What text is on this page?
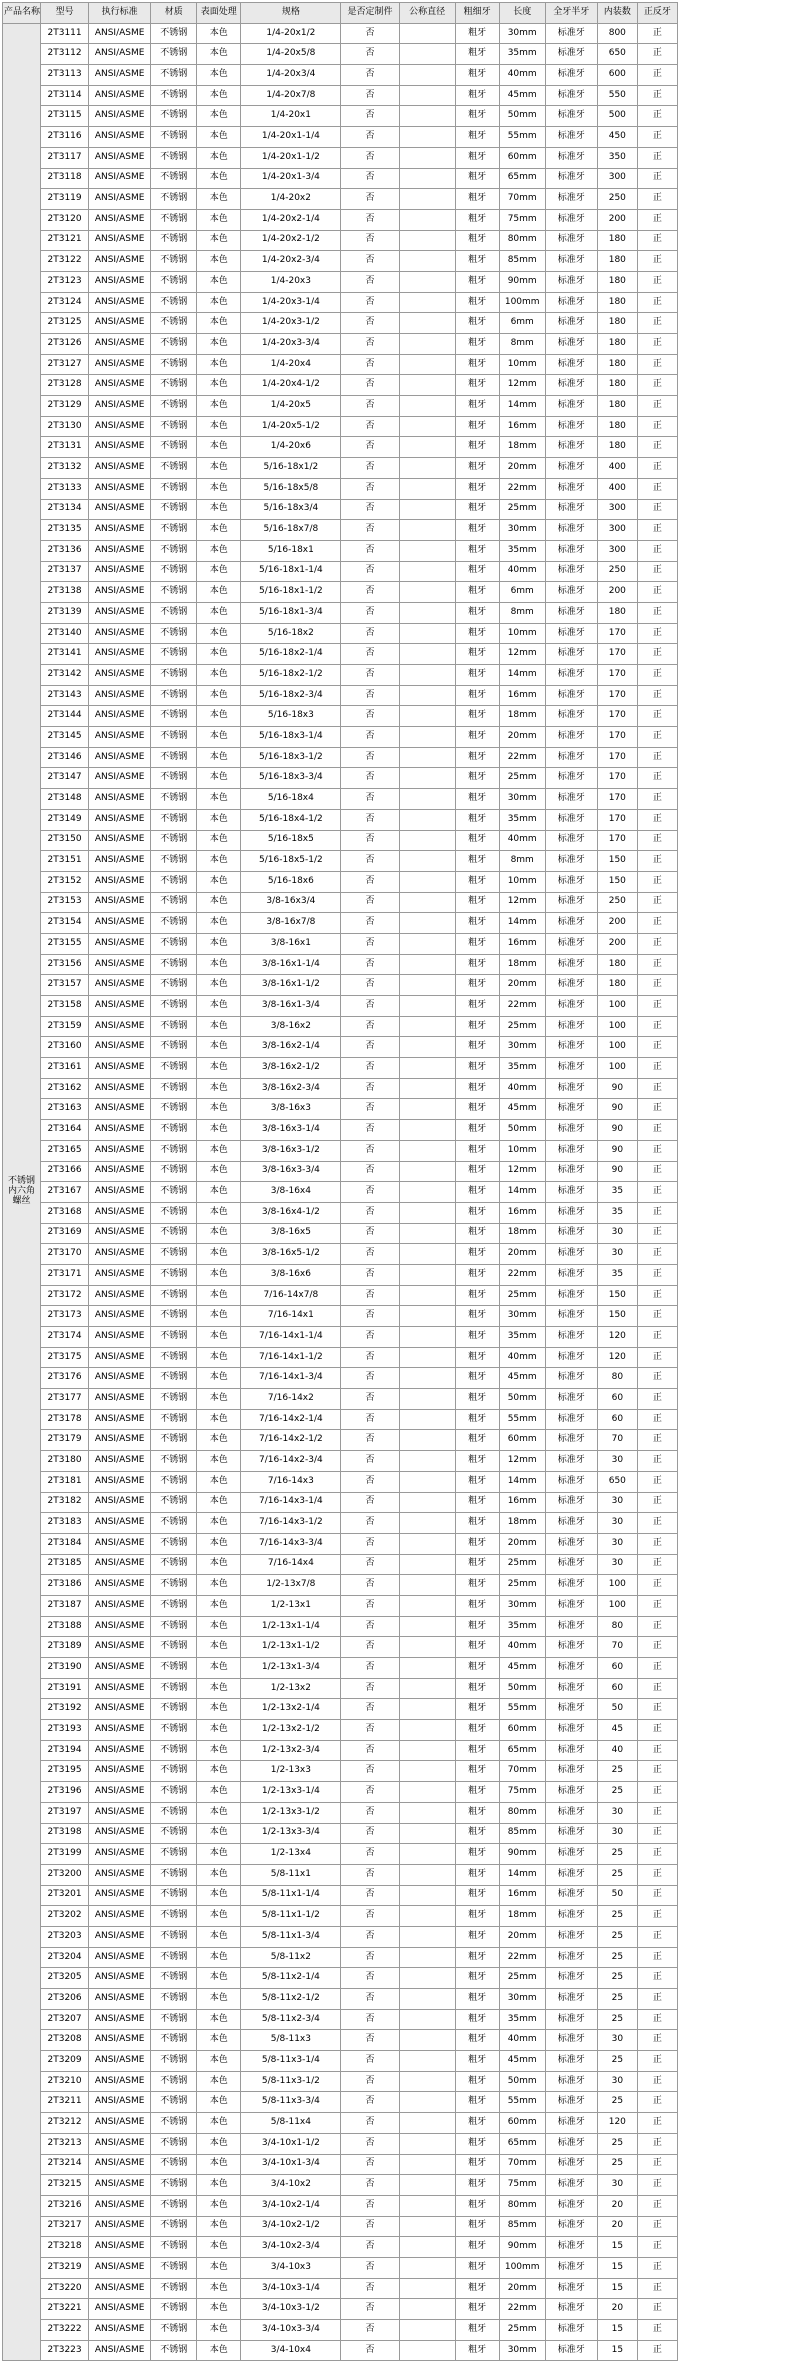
产品名称	型号	执行标准	材质	表面处理	规格	是否定制件	公称直径	粗细牙	长度	全牙半牙	内装数	正反牙
不锈钢 内六角螺丝	2T3111	ANSI/ASME	不锈钢	本色	1/4-20x1/2	否		粗牙	30mm	标准牙	800	正
	2T3112	ANSI/ASME	不锈钢	本色	1/4-20x5/8	否		粗牙	35mm	标准牙	650	正
	2T3113	ANSI/ASME	不锈钢	本色	1/4-20x3/4	否		粗牙	40mm	标准牙	600	正
	2T3114	ANSI/ASME	不锈钢	本色	1/4-20x7/8	否		粗牙	45mm	标准牙	550	正
	2T3115	ANSI/ASME	不锈钢	本色	1/4-20x1	否		粗牙	50mm	标准牙	500	正
	2T3116	ANSI/ASME	不锈钢	本色	1/4-20x1-1/4	否		粗牙	55mm	标准牙	450	正
	2T3117	ANSI/ASME	不锈钢	本色	1/4-20x1-1/2	否		粗牙	60mm	标准牙	350	正
	2T3118	ANSI/ASME	不锈钢	本色	1/4-20x1-3/4	否		粗牙	65mm	标准牙	300	正
	2T3119	ANSI/ASME	不锈钢	本色	1/4-20x2	否		粗牙	70mm	标准牙	250	正
	2T3120	ANSI/ASME	不锈钢	本色	1/4-20x2-1/4	否		粗牙	75mm	标准牙	200	正
	2T3121	ANSI/ASME	不锈钢	本色	1/4-20x2-1/2	否		粗牙	80mm	标准牙	180	正
	2T3122	ANSI/ASME	不锈钢	本色	1/4-20x2-3/4	否		粗牙	85mm	标准牙	180	正
	2T3123	ANSI/ASME	不锈钢	本色	1/4-20x3	否		粗牙	90mm	标准牙	180	正
	2T3124	ANSI/ASME	不锈钢	本色	1/4-20x3-1/4	否		粗牙	100mm	标准牙	180	正
	2T3125	ANSI/ASME	不锈钢	本色	1/4-20x3-1/2	否		粗牙	6mm	标准牙	180	正
	2T3126	ANSI/ASME	不锈钢	本色	1/4-20x3-3/4	否		粗牙	8mm	标准牙	180	正
	2T3127	ANSI/ASME	不锈钢	本色	1/4-20x4	否		粗牙	10mm	标准牙	180	正
	2T3128	ANSI/ASME	不锈钢	本色	1/4-20x4-1/2	否		粗牙	12mm	标准牙	180	正
	2T3129	ANSI/ASME	不锈钢	本色	1/4-20x5	否		粗牙	14mm	标准牙	180	正
	2T3130	ANSI/ASME	不锈钢	本色	1/4-20x5-1/2	否		粗牙	16mm	标准牙	180	正
	2T3131	ANSI/ASME	不锈钢	本色	1/4-20x6	否		粗牙	18mm	标准牙	180	正
	2T3132	ANSI/ASME	不锈钢	本色	5/16-18x1/2	否		粗牙	20mm	标准牙	400	正
	2T3133	ANSI/ASME	不锈钢	本色	5/16-18x5/8	否		粗牙	22mm	标准牙	400	正
	2T3134	ANSI/ASME	不锈钢	本色	5/16-18x3/4	否		粗牙	25mm	标准牙	300	正
	2T3135	ANSI/ASME	不锈钢	本色	5/16-18x7/8	否		粗牙	30mm	标准牙	300	正
	2T3136	ANSI/ASME	不锈钢	本色	5/16-18x1	否		粗牙	35mm	标准牙	300	正
	2T3137	ANSI/ASME	不锈钢	本色	5/16-18x1-1/4	否		粗牙	40mm	标准牙	250	正
	2T3138	ANSI/ASME	不锈钢	本色	5/16-18x1-1/2	否		粗牙	6mm	标准牙	200	正
	2T3139	ANSI/ASME	不锈钢	本色	5/16-18x1-3/4	否		粗牙	8mm	标准牙	180	正
	2T3140	ANSI/ASME	不锈钢	本色	5/16-18x2	否		粗牙	10mm	标准牙	170	正
	2T3141	ANSI/ASME	不锈钢	本色	5/16-18x2-1/4	否		粗牙	12mm	标准牙	170	正
	2T3142	ANSI/ASME	不锈钢	本色	5/16-18x2-1/2	否		粗牙	14mm	标准牙	170	正
	2T3143	ANSI/ASME	不锈钢	本色	5/16-18x2-3/4	否		粗牙	16mm	标准牙	170	正
	2T3144	ANSI/ASME	不锈钢	本色	5/16-18x3	否		粗牙	18mm	标准牙	170	正
	2T3145	ANSI/ASME	不锈钢	本色	5/16-18x3-1/4	否		粗牙	20mm	标准牙	170	正
	2T3146	ANSI/ASME	不锈钢	本色	5/16-18x3-1/2	否		粗牙	22mm	标准牙	170	正
	2T3147	ANSI/ASME	不锈钢	本色	5/16-18x3-3/4	否		粗牙	25mm	标准牙	170	正
	2T3148	ANSI/ASME	不锈钢	本色	5/16-18x4	否		粗牙	30mm	标准牙	170	正
	2T3149	ANSI/ASME	不锈钢	本色	5/16-18x4-1/2	否		粗牙	35mm	标准牙	170	正
	2T3150	ANSI/ASME	不锈钢	本色	5/16-18x5	否		粗牙	40mm	标准牙	170	正
	2T3151	ANSI/ASME	不锈钢	本色	5/16-18x5-1/2	否		粗牙	8mm	标准牙	150	正
	2T3152	ANSI/ASME	不锈钢	本色	5/16-18x6	否		粗牙	10mm	标准牙	150	正
	2T3153	ANSI/ASME	不锈钢	本色	3/8-16x3/4	否		粗牙	12mm	标准牙	250	正
	2T3154	ANSI/ASME	不锈钢	本色	3/8-16x7/8	否		粗牙	14mm	标准牙	200	正
	2T3155	ANSI/ASME	不锈钢	本色	3/8-16x1	否		粗牙	16mm	标准牙	200	正
	2T3156	ANSI/ASME	不锈钢	本色	3/8-16x1-1/4	否		粗牙	18mm	标准牙	180	正
	2T3157	ANSI/ASME	不锈钢	本色	3/8-16x1-1/2	否		粗牙	20mm	标准牙	180	正
	2T3158	ANSI/ASME	不锈钢	本色	3/8-16x1-3/4	否		粗牙	22mm	标准牙	100	正
	2T3159	ANSI/ASME	不锈钢	本色	3/8-16x2	否		粗牙	25mm	标准牙	100	正
	2T3160	ANSI/ASME	不锈钢	本色	3/8-16x2-1/4	否		粗牙	30mm	标准牙	100	正
	2T3161	ANSI/ASME	不锈钢	本色	3/8-16x2-1/2	否		粗牙	35mm	标准牙	100	正
	2T3162	ANSI/ASME	不锈钢	本色	3/8-16x2-3/4	否		粗牙	40mm	标准牙	90	正
	2T3163	ANSI/ASME	不锈钢	本色	3/8-16x3	否		粗牙	45mm	标准牙	90	正
	2T3164	ANSI/ASME	不锈钢	本色	3/8-16x3-1/4	否		粗牙	50mm	标准牙	90	正
	2T3165	ANSI/ASME	不锈钢	本色	3/8-16x3-1/2	否		粗牙	10mm	标准牙	90	正
	2T3166	ANSI/ASME	不锈钢	本色	3/8-16x3-3/4	否		粗牙	12mm	标准牙	90	正
	2T3167	ANSI/ASME	不锈钢	本色	3/8-16x4	否		粗牙	14mm	标准牙	35	正
	2T3168	ANSI/ASME	不锈钢	本色	3/8-16x4-1/2	否		粗牙	16mm	标准牙	35	正
	2T3169	ANSI/ASME	不锈钢	本色	3/8-16x5	否		粗牙	18mm	标准牙	30	正
	2T3170	ANSI/ASME	不锈钢	本色	3/8-16x5-1/2	否		粗牙	20mm	标准牙	30	正
	2T3171	ANSI/ASME	不锈钢	本色	3/8-16x6	否		粗牙	22mm	标准牙	35	正
	2T3172	ANSI/ASME	不锈钢	本色	7/16-14x7/8	否		粗牙	25mm	标准牙	150	正
	2T3173	ANSI/ASME	不锈钢	本色	7/16-14x1	否		粗牙	30mm	标准牙	150	正
	2T3174	ANSI/ASME	不锈钢	本色	7/16-14x1-1/4	否		粗牙	35mm	标准牙	120	正
	2T3175	ANSI/ASME	不锈钢	本色	7/16-14x1-1/2	否		粗牙	40mm	标准牙	120	正
	2T3176	ANSI/ASME	不锈钢	本色	7/16-14x1-3/4	否		粗牙	45mm	标准牙	80	正
	2T3177	ANSI/ASME	不锈钢	本色	7/16-14x2	否		粗牙	50mm	标准牙	60	正
	2T3178	ANSI/ASME	不锈钢	本色	7/16-14x2-1/4	否		粗牙	55mm	标准牙	60	正
	2T3179	ANSI/ASME	不锈钢	本色	7/16-14x2-1/2	否		粗牙	60mm	标准牙	70	正
	2T3180	ANSI/ASME	不锈钢	本色	7/16-14x2-3/4	否		粗牙	12mm	标准牙	30	正
	2T3181	ANSI/ASME	不锈钢	本色	7/16-14x3	否		粗牙	14mm	标准牙	650	正
	2T3182	ANSI/ASME	不锈钢	本色	7/16-14x3-1/4	否		粗牙	16mm	标准牙	30	正
	2T3183	ANSI/ASME	不锈钢	本色	7/16-14x3-1/2	否		粗牙	18mm	标准牙	30	正
	2T3184	ANSI/ASME	不锈钢	本色	7/16-14x3-3/4	否		粗牙	20mm	标准牙	30	正
	2T3185	ANSI/ASME	不锈钢	本色	7/16-14x4	否		粗牙	25mm	标准牙	30	正
	2T3186	ANSI/ASME	不锈钢	本色	1/2-13x7/8	否		粗牙	25mm	标准牙	100	正
	2T3187	ANSI/ASME	不锈钢	本色	1/2-13x1	否		粗牙	30mm	标准牙	100	正
	2T3188	ANSI/ASME	不锈钢	本色	1/2-13x1-1/4	否		粗牙	35mm	标准牙	80	正
	2T3189	ANSI/ASME	不锈钢	本色	1/2-13x1-1/2	否		粗牙	40mm	标准牙	70	正
	2T3190	ANSI/ASME	不锈钢	本色	1/2-13x1-3/4	否		粗牙	45mm	标准牙	60	正
	2T3191	ANSI/ASME	不锈钢	本色	1/2-13x2	否		粗牙	50mm	标准牙	60	正
	2T3192	ANSI/ASME	不锈钢	本色	1/2-13x2-1/4	否		粗牙	55mm	标准牙	50	正
	2T3193	ANSI/ASME	不锈钢	本色	1/2-13x2-1/2	否		粗牙	60mm	标准牙	45	正
	2T3194	ANSI/ASME	不锈钢	本色	1/2-13x2-3/4	否		粗牙	65mm	标准牙	40	正
	2T3195	ANSI/ASME	不锈钢	本色	1/2-13x3	否		粗牙	70mm	标准牙	25	正
	2T3196	ANSI/ASME	不锈钢	本色	1/2-13x3-1/4	否		粗牙	75mm	标准牙	25	正
	2T3197	ANSI/ASME	不锈钢	本色	1/2-13x3-1/2	否		粗牙	80mm	标准牙	30	正
	2T3198	ANSI/ASME	不锈钢	本色	1/2-13x3-3/4	否		粗牙	85mm	标准牙	30	正
	2T3199	ANSI/ASME	不锈钢	本色	1/2-13x4	否		粗牙	90mm	标准牙	25	正
	2T3200	ANSI/ASME	不锈钢	本色	5/8-11x1	否		粗牙	14mm	标准牙	25	正
	2T3201	ANSI/ASME	不锈钢	本色	5/8-11x1-1/4	否		粗牙	16mm	标准牙	50	正
	2T3202	ANSI/ASME	不锈钢	本色	5/8-11x1-1/2	否		粗牙	18mm	标准牙	25	正
	2T3203	ANSI/ASME	不锈钢	本色	5/8-11x1-3/4	否		粗牙	20mm	标准牙	25	正
	2T3204	ANSI/ASME	不锈钢	本色	5/8-11x2	否		粗牙	22mm	标准牙	25	正
	2T3205	ANSI/ASME	不锈钢	本色	5/8-11x2-1/4	否		粗牙	25mm	标准牙	25	正
	2T3206	ANSI/ASME	不锈钢	本色	5/8-11x2-1/2	否		粗牙	30mm	标准牙	25	正
	2T3207	ANSI/ASME	不锈钢	本色	5/8-11x2-3/4	否		粗牙	35mm	标准牙	25	正
	2T3208	ANSI/ASME	不锈钢	本色	5/8-11x3	否		粗牙	40mm	标准牙	30	正
	2T3209	ANSI/ASME	不锈钢	本色	5/8-11x3-1/4	否		粗牙	45mm	标准牙	25	正
	2T3210	ANSI/ASME	不锈钢	本色	5/8-11x3-1/2	否		粗牙	50mm	标准牙	30	正
	2T3211	ANSI/ASME	不锈钢	本色	5/8-11x3-3/4	否		粗牙	55mm	标准牙	25	正
	2T3212	ANSI/ASME	不锈钢	本色	5/8-11x4	否		粗牙	60mm	标准牙	120	正
	2T3213	ANSI/ASME	不锈钢	本色	3/4-10x1-1/2	否		粗牙	65mm	标准牙	25	正
	2T3214	ANSI/ASME	不锈钢	本色	3/4-10x1-3/4	否		粗牙	70mm	标准牙	25	正
	2T3215	ANSI/ASME	不锈钢	本色	3/4-10x2	否		粗牙	75mm	标准牙	30	正
	2T3216	ANSI/ASME	不锈钢	本色	3/4-10x2-1/4	否		粗牙	80mm	标准牙	20	正
	2T3217	ANSI/ASME	不锈钢	本色	3/4-10x2-1/2	否		粗牙	85mm	标准牙	20	正
	2T3218	ANSI/ASME	不锈钢	本色	3/4-10x2-3/4	否		粗牙	90mm	标准牙	15	正
	2T3219	ANSI/ASME	不锈钢	本色	3/4-10x3	否		粗牙	100mm	标准牙	15	正
	2T3220	ANSI/ASME	不锈钢	本色	3/4-10x3-1/4	否		粗牙	20mm	标准牙	15	正
	2T3221	ANSI/ASME	不锈钢	本色	3/4-10x3-1/2	否		粗牙	22mm	标准牙	20	正
	2T3222	ANSI/ASME	不锈钢	本色	3/4-10x3-3/4	否		粗牙	25mm	标准牙	15	正
	2T3223	ANSI/ASME	不锈钢	本色	3/4-10x4	否		粗牙	30mm	标准牙	15	正
